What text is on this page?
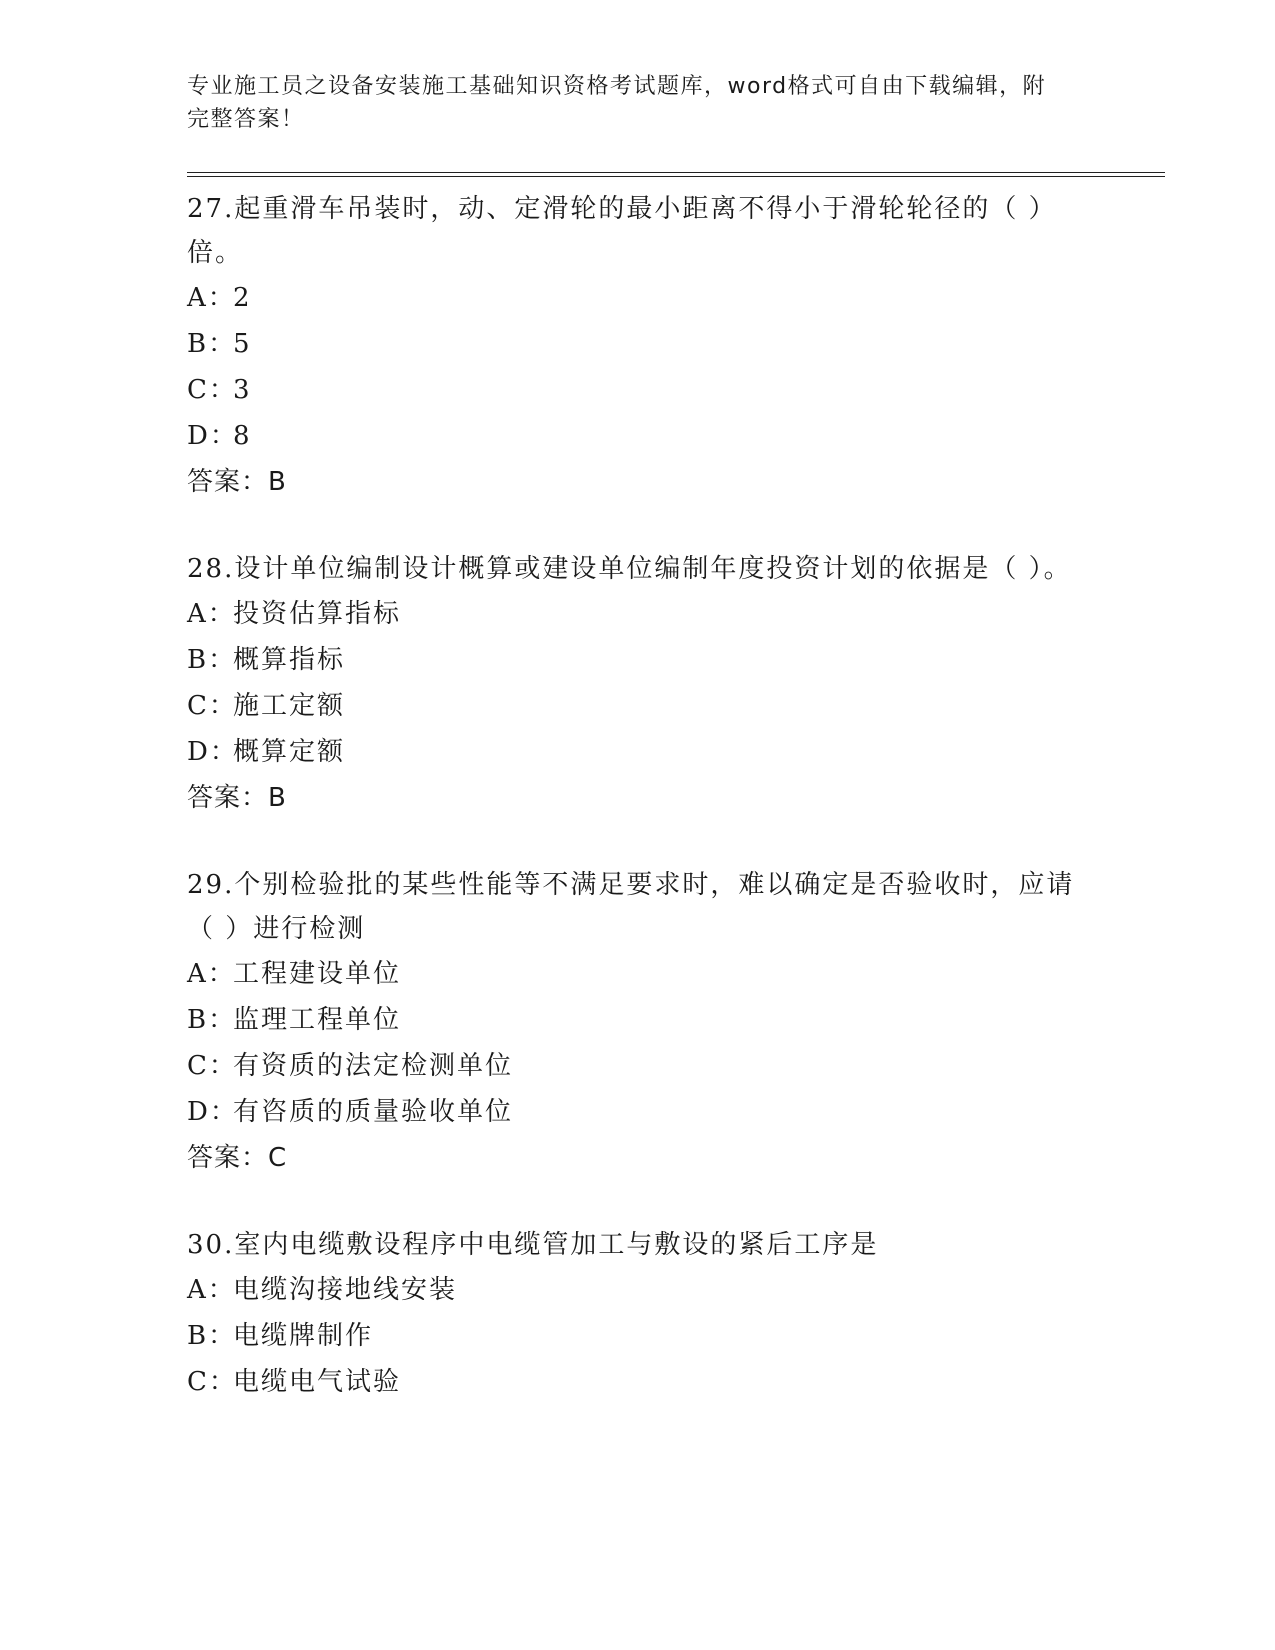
专业施工员之设备安装施工基础知识资格考试题库，word格式可自由下载编辑，附完整答案！

27.起重滑车吊装时，动、定滑轮的最小距离不得小于滑轮轮径的（ ）倍。

A：2

B：5

C：3

D：8

答案：B

28.设计单位编制设计概算或建设单位编制年度投资计划的依据是（ ）。

A：投资估算指标

B：概算指标

C：施工定额

D：概算定额

答案：B

29.个别检验批的某些性能等不满足要求时，难以确定是否验收时，应请（ ）进行检测

A：工程建设单位

B：监理工程单位

C：有资质的法定检测单位

D：有咨质的质量验收单位

答案：C

30.室内电缆敷设程序中电缆管加工与敷设的紧后工序是

A：电缆沟接地线安装

B：电缆牌制作

C：电缆电气试验
